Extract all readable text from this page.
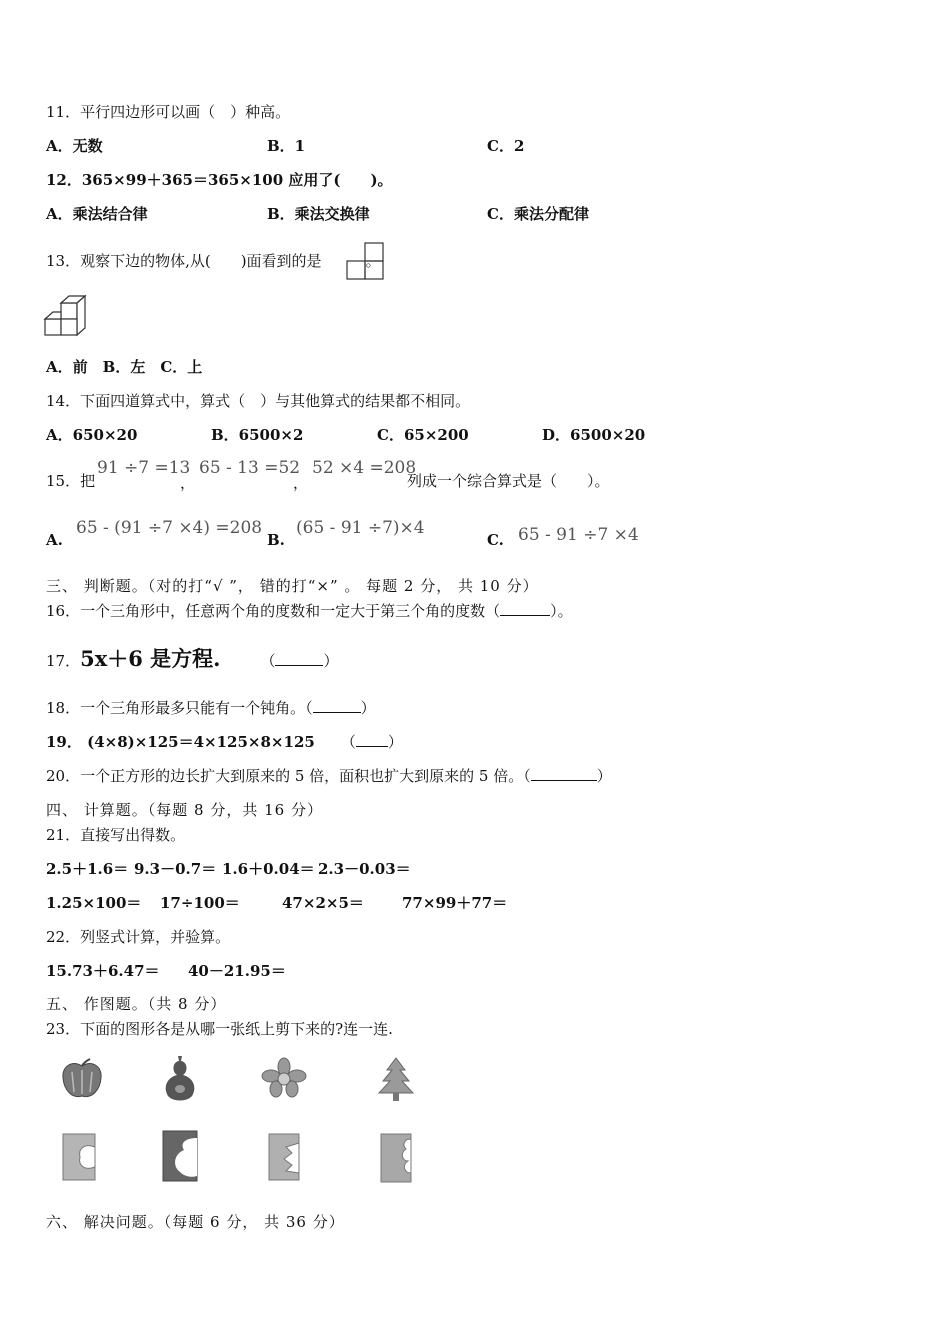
11．平行四边形可以画（　）种高。
A．无数	B．1	C．2
12．365×99＋365＝365×100 应用了(　　)。
A．乘法结合律	B．乘法交换律	C．乘法分配律
13．观察下边的物体,从(　　)面看到的是	。
A．前　B．左　C．上
14．下面四道算式中，算式（　）与其他算式的结果都不相同。
A．650×20	B．6500×2	C．65×200	D．6500×20
15．把
91 ÷7 =13
，
65 - 13 =52
，
52 ×4 =208
列成一个综合算式是（　　）。
A.
65 - (91 ÷7 ×4) =208
B.
(65 - 91 ÷7)×4
C. 65 - 91 ÷7 ×4
三、 判断题。（对的打“√ ”， 错的打“×” 。 每题 2 分， 共 10 分）
16．一个三角形中，任意两个角的度数和一定大于第三个角的度数（	）。
17．5x＋6 是方程.	（	）
18．一个三角形最多只能有一个钝角。（	）
19． (4×8)×125＝4×125×8×125 （ ）
20．一个正方形的边长扩大到原来的 5 倍，面积也扩大到原来的 5 倍。（	）
四、 计算题。（每题 8 分，共 16 分）
21．直接写出得数。
2.5＋1.6＝ 9.3－0.7＝ 1.6＋0.04＝ 2.3－0.03＝
1.25×100＝ 17÷100＝	47×2×5＝	77×99＋77＝
22．列竖式计算，并验算。
15.73＋6.47＝ 40－21.95＝
五、 作图题。（共 8 分）
23．下面的图形各是从哪一张纸上剪下来的?连一连.
六、 解决问题。（每题 6 分， 共 36 分）
